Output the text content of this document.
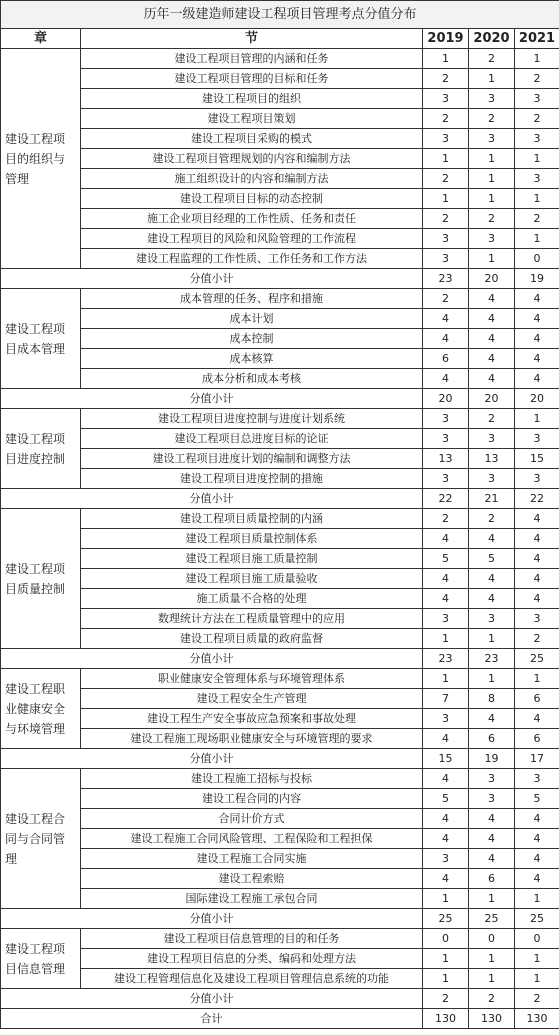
历年一级建造师建设工程项目管理考点分值分布				
章	节	2019	2020	2021
建设工程项目的组织与管理	建设工程项目管理的内涵和任务	1	2	1
	建设工程项目管理的目标和任务	2	1	2
	建设工程项目的组织	3	3	3
	建设工程项目策划	2	2	2
	建设工程项目采购的模式	3	3	3
	建设工程项目管理规划的内容和编制方法	1	1	1
	施工组织设计的内容和编制方法	2	1	3
	建设工程项目目标的动态控制	1	1	1
	施工企业项目经理的工作性质、任务和责任	2	2	2
	建设工程项目的风险和风险管理的工作流程	3	3	1
	建设工程监理的工作性质、工作任务和工作方法	3	1	0
分值小计		23	20	19
建设工程项目成本管理	成本管理的任务、程序和措施	2	4	4
	成本计划	4	4	4
	成本控制	4	4	4
	成本核算	6	4	4
	成本分析和成本考核	4	4	4
分值小计		20	20	20
建设工程项目进度控制	建设工程项目进度控制与进度计划系统	3	2	1
	建设工程项目总进度目标的论证	3	3	3
	建设工程项目进度计划的编制和调整方法	13	13	15
	建设工程项目进度控制的措施	3	3	3
分值小计		22	21	22
建设工程项目质量控制	建设工程项目质量控制的内涵	2	2	4
	建设工程项目质量控制体系	4	4	4
	建设工程项目施工质量控制	5	5	4
	建设工程项目施工质量验收	4	4	4
	施工质量不合格的处理	4	4	4
	数理统计方法在工程质量管理中的应用	3	3	3
	建设工程项目质量的政府监督	1	1	2
分值小计		23	23	25
建设工程职业健康安全与环境管理	职业健康安全管理体系与环境管理体系	1	1	1
	建设工程安全生产管理	7	8	6
	建设工程生产安全事故应急预案和事故处理	3	4	4
	建设工程施工现场职业健康安全与环境管理的要求	4	6	6
分值小计		15	19	17
建设工程合同与合同管理	建设工程施工招标与投标	4	3	3
	建设工程合同的内容	5	3	5
	合同计价方式	4	4	4
	建设工程施工合同风险管理、工程保险和工程担保	4	4	4
	建设工程施工合同实施	3	4	4
	建设工程索赔	4	6	4
	国际建设工程施工承包合同	1	1	1
分值小计		25	25	25
建设工程项目信息管理	建设工程项目信息管理的目的和任务	0	0	0
	建设工程项目信息的分类、编码和处理方法	1	1	1
	建设工程管理信息化及建设工程项目管理信息系统的功能	1	1	1
分值小计		2	2	2
合计		130	130	130
